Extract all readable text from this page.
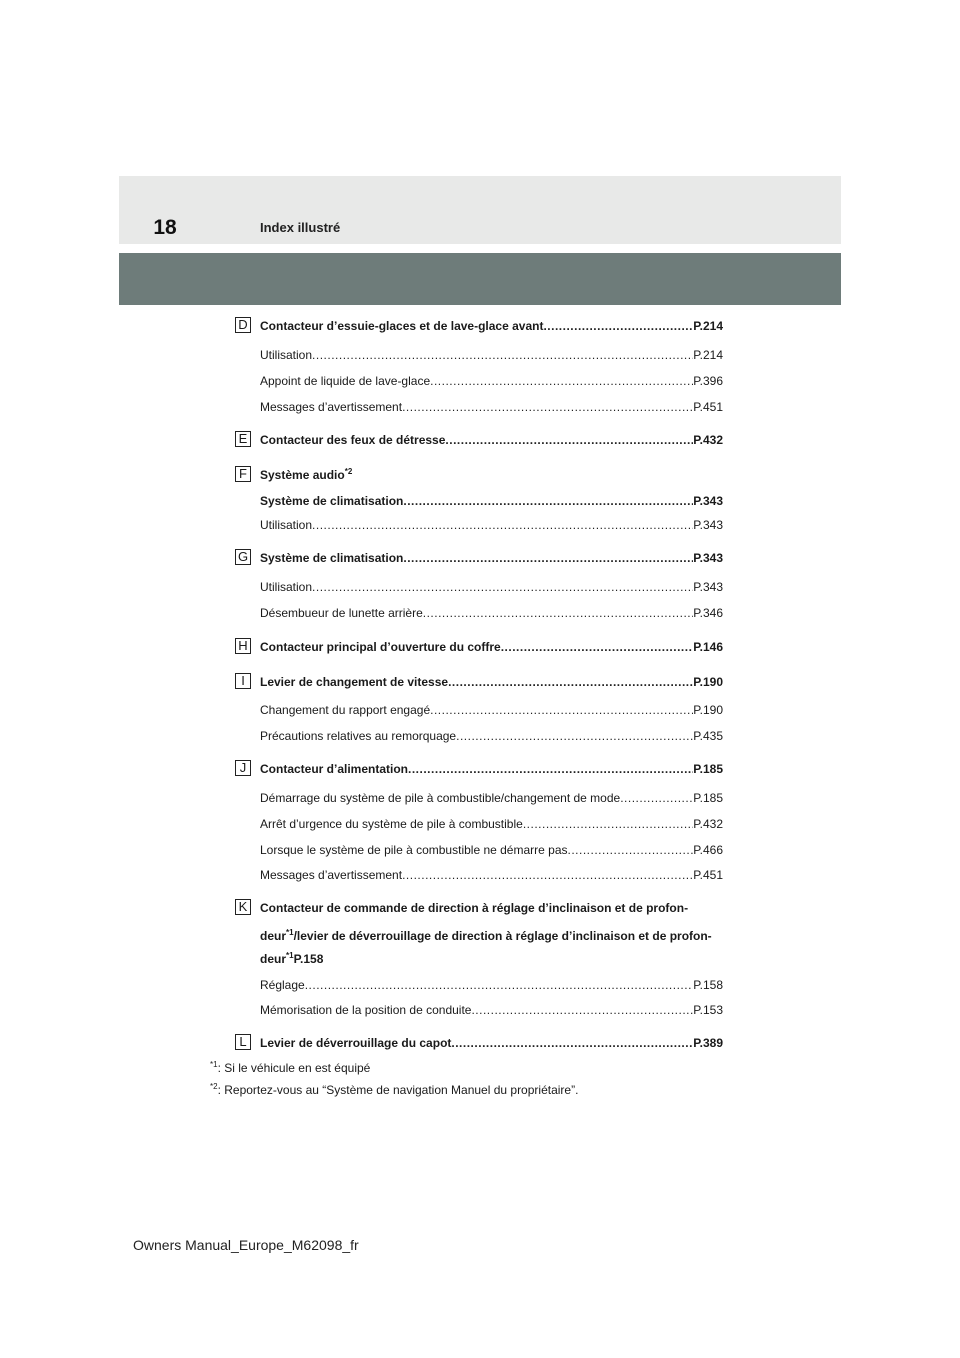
18	Index illustré
D Contacteur d’essuie-glaces et de lave-glace avant .....	P.214
Utilisation .....	P.214
Appoint de liquide de lave-glace .....	P.396
Messages d’avertissement .....	P.451
E	Contacteur des feux de détresse .....	P.432
F	Système audio$^{*2}$
Système de climatisation .....	P.343
Utilisation .....	P.343
G Système de climatisation .....	P.343
Utilisation .....	P.343
Désembueur de lunette arrière .....	P.346
H Contacteur principal d’ouverture du coffre .....	P.146
I	Levier de changement de vitesse .....	P.190
Changement du rapport engagé .....	P.190
Précautions relatives au remorquage .....	P.435
J	Contacteur d’alimentation .....	P.185
Démarrage du système de pile à combustible/changement de mode .....	P.185
Arrêt d’urgence du système de pile à combustible .....	P.432
Lorsque le système de pile à combustible ne démarre pas .....	P.466
Messages d’avertissement .....	P.451
K	Contacteur de commande de direction à réglage d’inclinaison et de profon-
deur$^{*1}$/levier de déverrouillage de direction à réglage d’inclinaison et de profon-
deur$^{*1}$P.158
Réglage .....	P.158
Mémorisation de la position de conduite .....	P.153
L	Levier de déverrouillage du capot .....	P.389
$^{*1}$: Si le véhicule en est équipé
$^{*2}$: Reportez-vous au “Système de navigation Manuel du propriétaire”.
Owners Manual_Europe_M62098_fr
